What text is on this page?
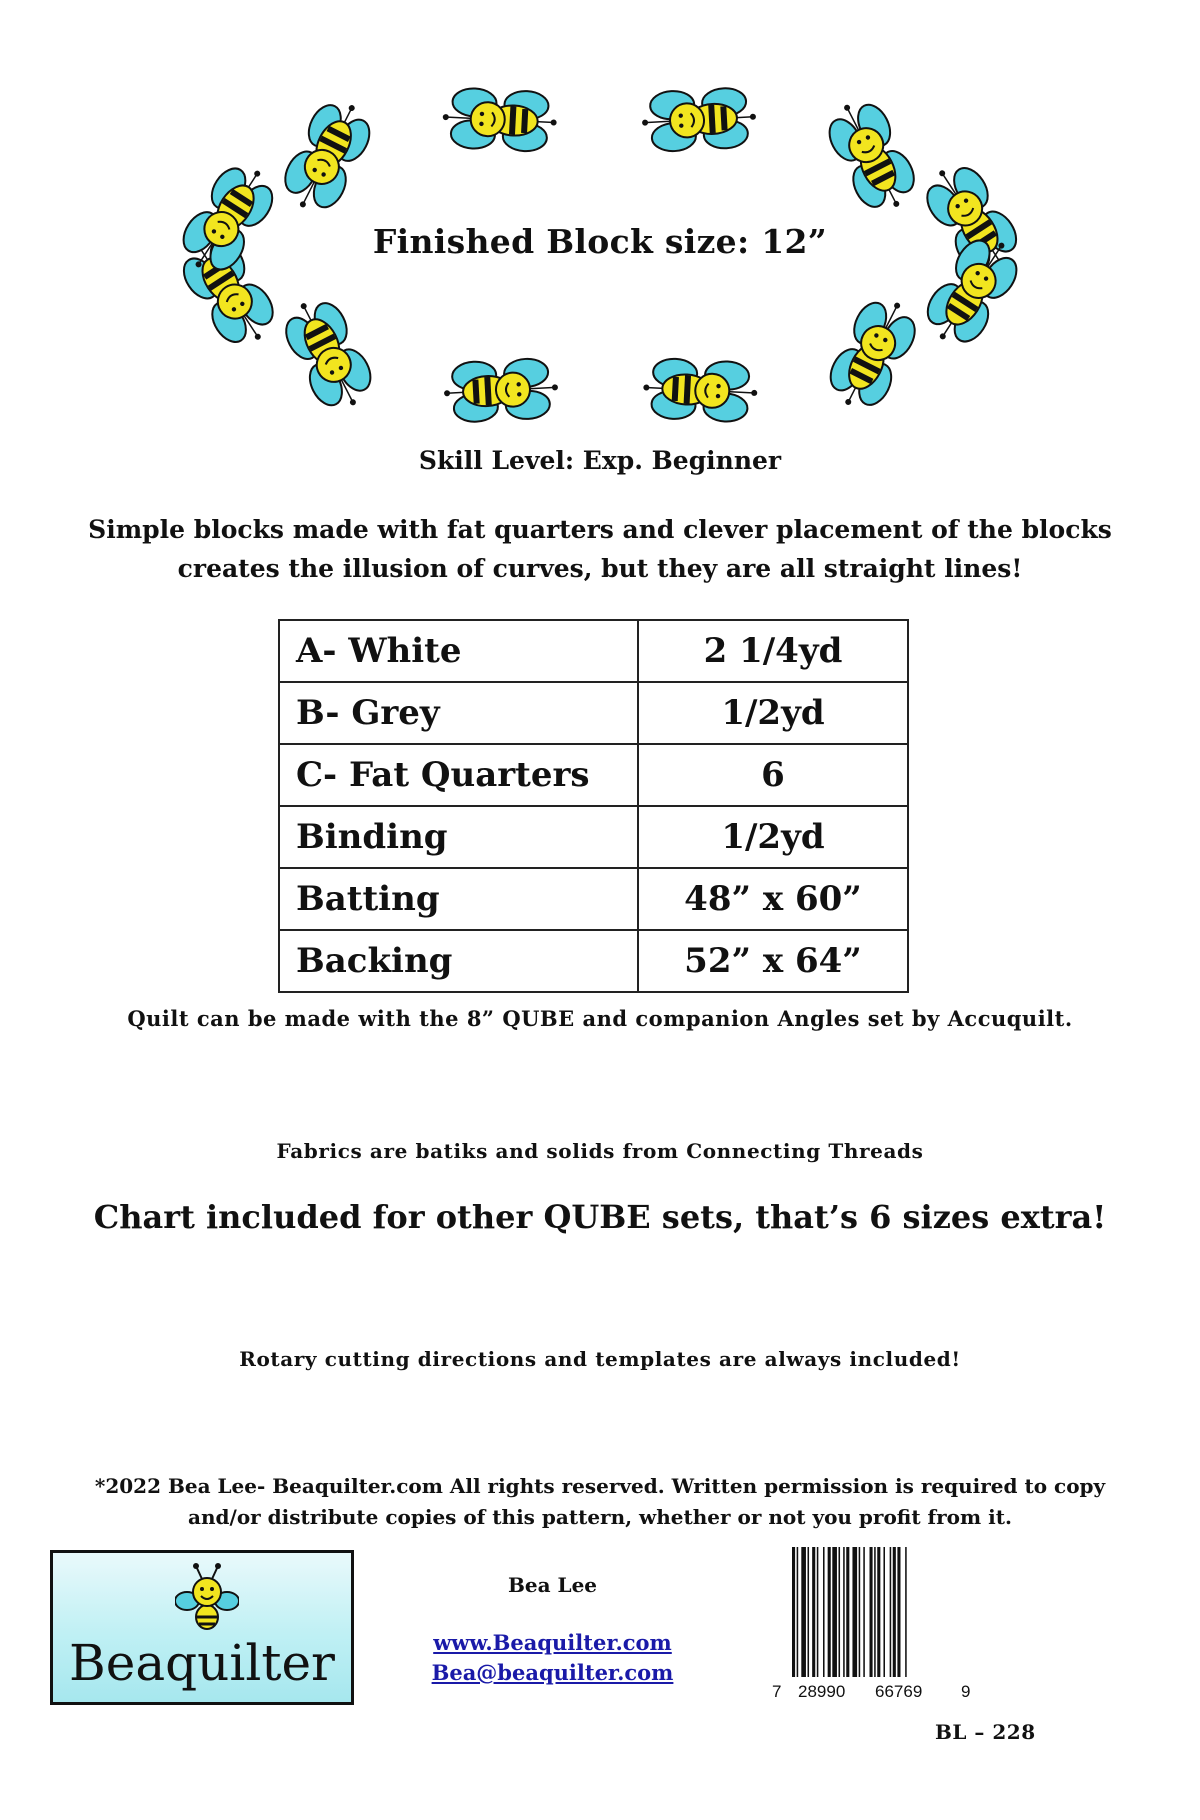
Finished Block size: 12”
Skill Level: Exp. Beginner
Simple blocks made with fat quarters and clever placement of the blocks
creates the illusion of curves, but they are all straight lines!
A- White	2 1/4yd
B- Grey	1/2yd
C- Fat Quarters	6
Binding	1/2yd
Batting	48” x 60”
Backing	52” x 64”
Quilt can be made with the 8” QUBE and companion Angles set by Accuquilt.
Fabrics are batiks and solids from Connecting Threads
Chart included for other QUBE sets, that’s 6 sizes extra!
Rotary cutting directions and templates are always included!
*2022 Bea Lee- Beaquilter.com All rights reserved. Written permission is required to copy
and/or distribute copies of this pattern, whether or not you profit from it.
Beaquilter
Bea Lee
www.Beaquilter.com
Bea@beaquilter.com
7 28990 66769 9
BL – 228
